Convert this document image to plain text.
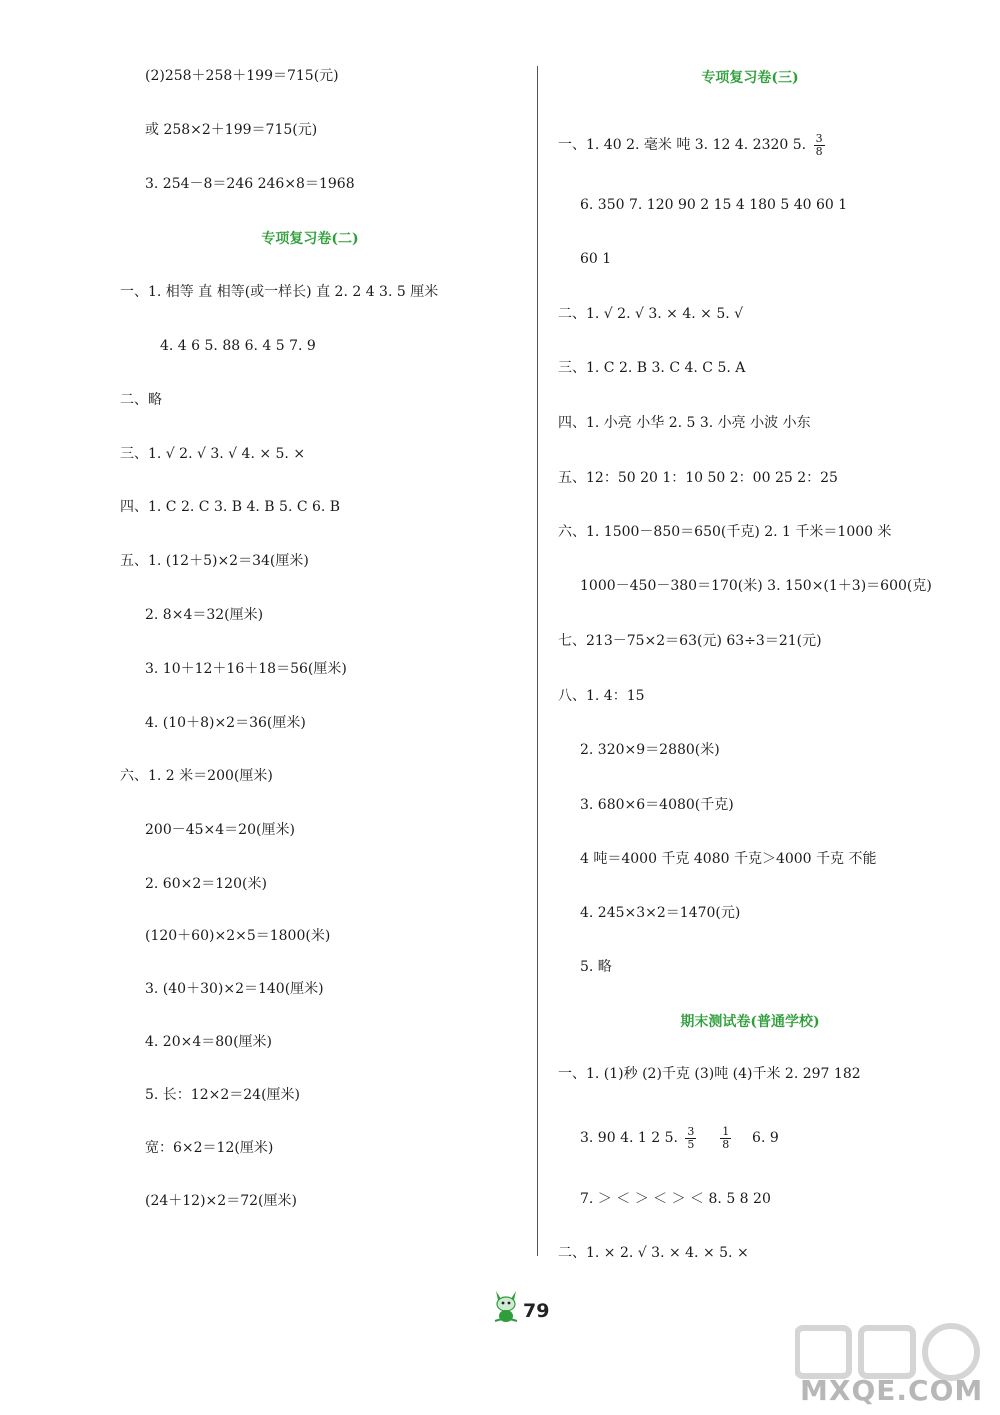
(2)258＋258＋199＝715(元)
或 258×2＋199＝715(元)
3. 254－8＝246 246×8＝1968
专项复习卷(二)
一、1. 相等 直 相等(或一样长) 直 2. 2 4 3. 5 厘米
4. 4 6 5. 88 6. 4 5 7. 9
二、略
三、1. √ 2. √ 3. √ 4. × 5. ×
四、1. C 2. C 3. B 4. B 5. C 6. B
五、1. (12＋5)×2＝34(厘米)
2. 8×4＝32(厘米)
3. 10＋12＋16＋18＝56(厘米)
4. (10＋8)×2＝36(厘米)
六、1. 2 米＝200(厘米)
200－45×4＝20(厘米)
2. 60×2＝120(米)
(120＋60)×2×5＝1800(米)
3. (40＋30)×2＝140(厘米)
4. 20×4＝80(厘米)
5. 长：12×2＝24(厘米)
宽：6×2＝12(厘米)
(24＋12)×2＝72(厘米)
专项复习卷(三)
一、1. 40 2. 毫米 吨 3. 12 4. 2320 5. $\frac{3}{8}$
6. 350 7. 120 90 2 15 4 180 5 40 60 1
60 1
二、1. √ 2. √ 3. × 4. × 5. √
三、1. C 2. B 3. C 4. C 5. A
四、1. 小亮 小华 2. 5 3. 小亮 小波 小东
五、12：50 20 1：10 50 2：00 25 2：25
六、1. 1500－850＝650(千克) 2. 1 千米＝1000 米
1000－450－380＝170(米) 3. 150×(1＋3)＝600(克)
七、213－75×2＝63(元) 63÷3＝21(元)
八、1. 4：15
2. 320×9＝2880(米)
3. 680×6＝4080(千克)
4 吨＝4000 千克 4080 千克＞4000 千克 不能
4. 245×3×2＝1470(元)
5. 略
期末测试卷(普通学校)
一、1. (1)秒 (2)千克 (3)吨 (4)千米 2. 297 182
3. 90 4. 1 2 5. $\frac{3}{5}$
$\frac{1}{8} 6$. 9
7. ＞ ＜ ＞ ＜ ＞ ＜ 8. 5 8 20
二、1. × 2. √ 3. × 4. × 5. ×
79
MXQE.COM
